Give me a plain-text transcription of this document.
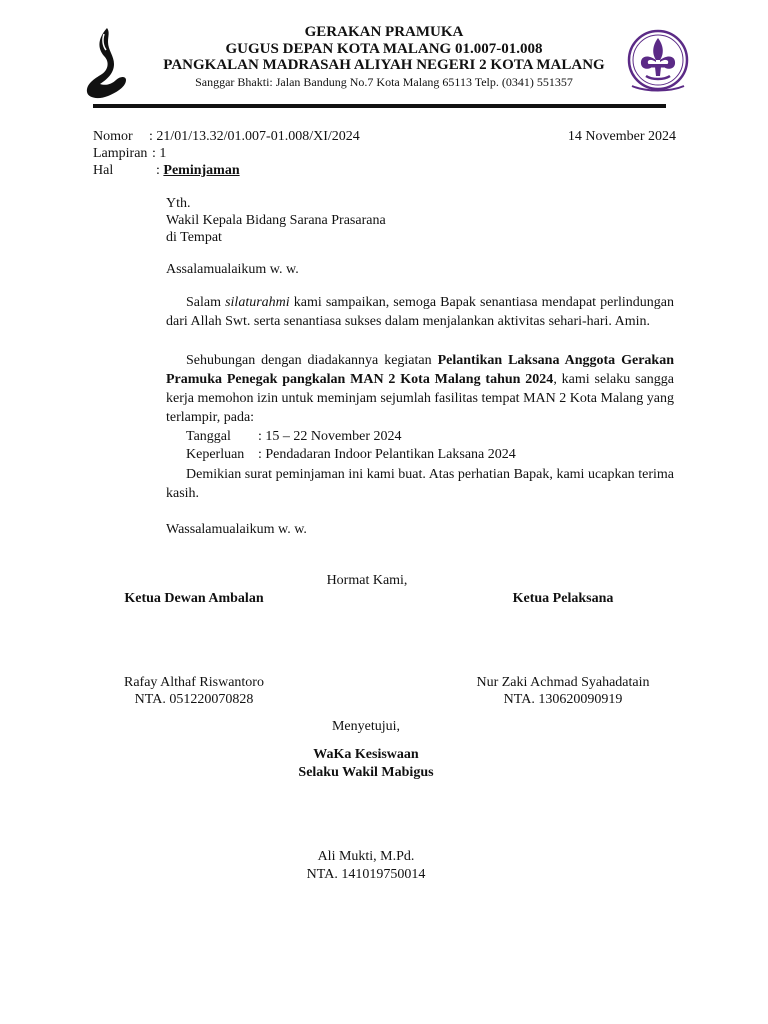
GERAKAN PRAMUKA
GUGUS DEPAN KOTA MALANG 01.007-01.008
PANGKALAN MADRASAH ALIYAH NEGERI 2 KOTA MALANG
Sanggar Bhakti: Jalan Bandung No.7 Kota Malang 65113 Telp. (0341) 551357
Nomor : 21/01/13.32/01.007-01.008/XI/2024
Lampiran : 1
Hal	: Peminjaman
14 November 2024
Yth.
Wakil Kepala Bidang Sarana Prasarana
di Tempat
Assalamualaikum w. w.

Salam silaturahmi kami sampaikan, semoga Bapak senantiasa mendapat perlindungan dari Allah Swt. serta senantiasa sukses dalam menjalankan aktivitas sehari-hari. Amin.

Sehubungan dengan diadakannya kegiatan Pelantikan Laksana Anggota Gerakan Pramuka Penegak pangkalan MAN 2 Kota Malang tahun 2024, kami selaku sangga kerja memohon izin untuk meminjam sejumlah fasilitas tempat MAN 2 Kota Malang yang terlampir, pada:

Tanggal : 15 – 22 November 2024
Keperluan : Pendadaran Indoor Pelantikan Laksana 2024

Demikian surat peminjaman ini kami buat. Atas perhatian Bapak, kami ucapkan terima kasih.

Wassalamualaikum w. w.
Hormat Kami,
Ketua Dewan Ambalan
Rafay Althaf Riswantoro
NTA. 051220070828
Ketua Pelaksana
Nur Zaki Achmad Syahadatain
NTA. 130620090919
Menyetujui,
WaKa Kesiswaan
Selaku Wakil Mabigus
Ali Mukti, M.Pd.
NTA. 141019750014
